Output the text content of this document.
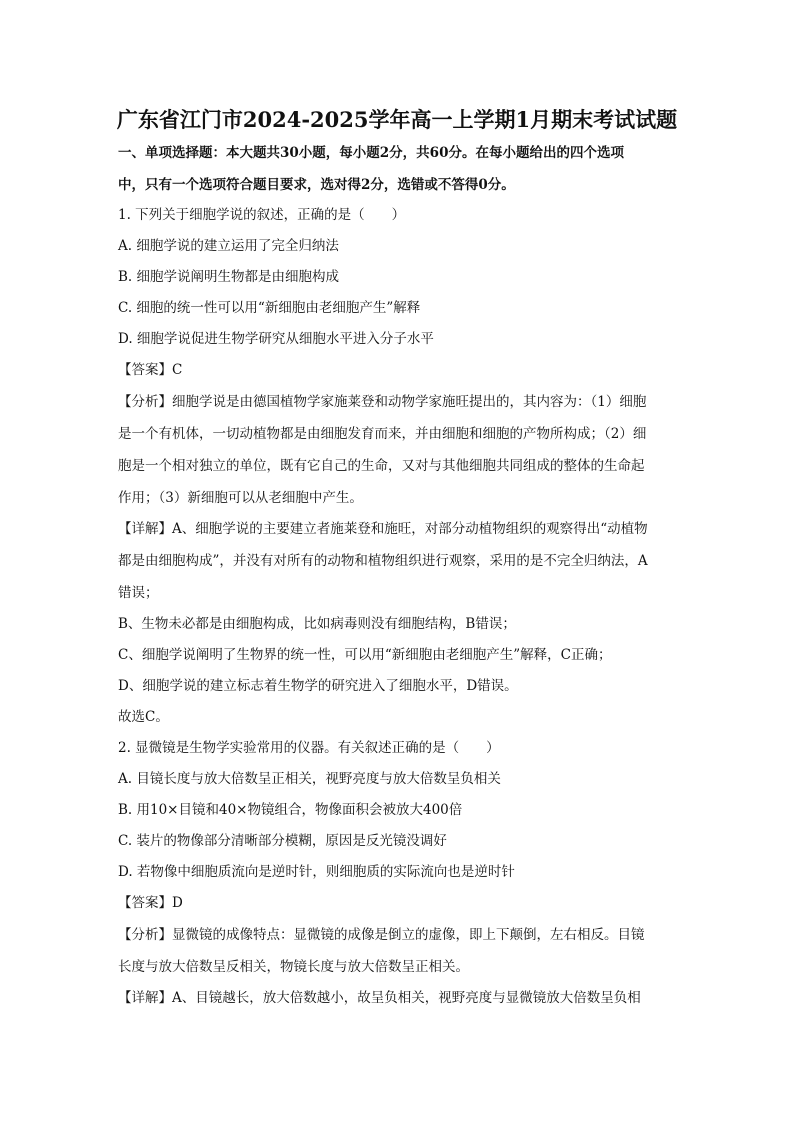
广东省江门市2024-2025学年高一上学期1月期末考试试题
一、单项选择题：本大题共30小题，每小题2分，共60分。在每小题给出的四个选项
中，只有一个选项符合题目要求，选对得2分，选错或不答得0分。
1. 下列关于细胞学说的叙述，正确的是（　　）
A. 细胞学说的建立运用了完全归纳法
B. 细胞学说阐明生物都是由细胞构成
C. 细胞的统一性可以用“新细胞由老细胞产生”解释
D. 细胞学说促进生物学研究从细胞水平进入分子水平
【答案】C
【分析】细胞学说是由德国植物学家施莱登和动物学家施旺提出的，其内容为：（1）细胞
是一个有机体，一切动植物都是由细胞发育而来，并由细胞和细胞的产物所构成；（2）细
胞是一个相对独立的单位，既有它自己的生命，又对与其他细胞共同组成的整体的生命起
作用；（3）新细胞可以从老细胞中产生。
【详解】A、细胞学说的主要建立者施莱登和施旺，对部分动植物组织的观察得出“动植物
都是由细胞构成”，并没有对所有的动物和植物组织进行观察，采用的是不完全归纳法，A
错误；
B、生物未必都是由细胞构成，比如病毒则没有细胞结构，B错误；
C、细胞学说阐明了生物界的统一性，可以用“新细胞由老细胞产生”解释，C正确；
D、细胞学说的建立标志着生物学的研究进入了细胞水平，D错误。
故选C。
2. 显微镜是生物学实验常用的仪器。有关叙述正确的是（　　）
A. 目镜长度与放大倍数呈正相关，视野亮度与放大倍数呈负相关
B. 用10×目镜和40×物镜组合，物像面积会被放大400倍
C. 装片的物像部分清晰部分模糊，原因是反光镜没调好
D. 若物像中细胞质流向是逆时针，则细胞质的实际流向也是逆时针
【答案】D
【分析】显微镜的成像特点：显微镜的成像是倒立的虚像，即上下颠倒，左右相反。目镜
长度与放大倍数呈反相关，物镜长度与放大倍数呈正相关。
【详解】A、目镜越长，放大倍数越小，故呈负相关，视野亮度与显微镜放大倍数呈负相
